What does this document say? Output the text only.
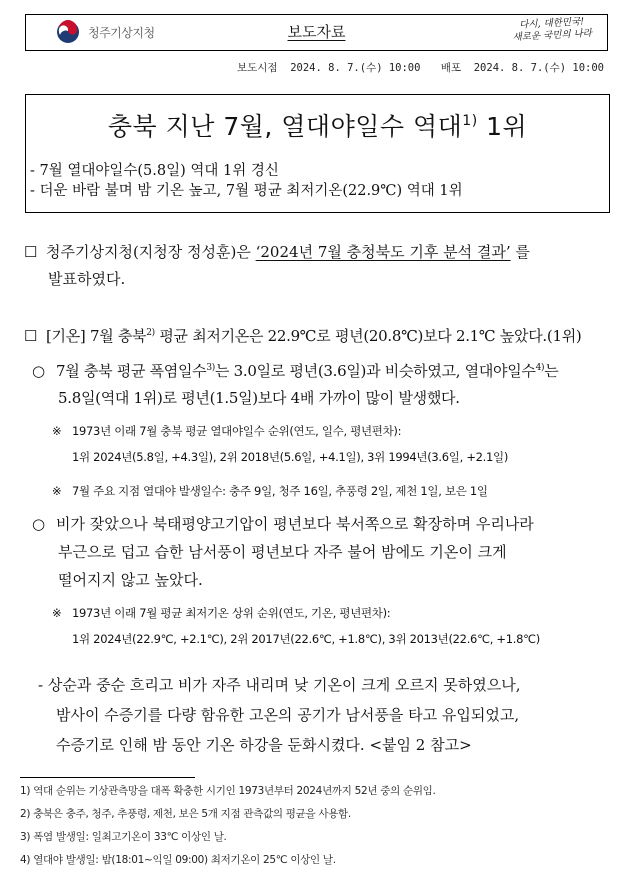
청주기상지청	보도자료	다시, 대한민국!
새로운 국민의 나라
보도시점 2024. 8. 7.(수) 10:00 배포 2024. 8. 7.(수) 10:00
충북 지난 7월, 열대야일수 역대$^{1)}$ 1위
- 7월 열대야일수(5.8일) 역대 1위 경신
- 더운 바람 불며 밤 기온 높고, 7월 평균 최저기온(22.9℃) 역대 1위
☐ 청주기상지청(지청장 정성훈)은 ‘2024년 7월 충청북도 기후 분석 결과’ 를
발표하였다.
☐ [기온] 7월 충북$^{2)}$ 평균 최저기온은 22.9℃로 평년(20.8℃)보다 2.1℃ 높았다.(1위)
○ 7월 충북 평균 폭염일수$^{3)}$는 3.0일로 평년(3.6일)과 비슷하였고, 열대야일수$^{4)}$는
5.8일(역대 1위)로 평년(1.5일)보다 4배 가까이 많이 발생했다.
※ 1973년 이래 7월 충북 평균 열대야일수 순위(연도, 일수, 평년편차):
1위 2024년(5.8일, +4.3일), 2위 2018년(5.6일, +4.1일), 3위 1994년(3.6일, +2.1일)
※ 7월 주요 지점 열대야 발생일수: 충주 9일, 청주 16일, 추풍령 2일, 제천 1일, 보은 1일
○ 비가 잦았으나 북태평양고기압이 평년보다 북서쪽으로 확장하며 우리나라
부근으로 덥고 습한 남서풍이 평년보다 자주 불어 밤에도 기온이 크게
떨어지지 않고 높았다.
※ 1973년 이래 7월 평균 최저기온 상위 순위(연도, 기온, 평년편차):
1위 2024년(22.9℃, +2.1℃), 2위 2017년(22.6℃, +1.8℃), 3위 2013년(22.6℃, +1.8℃)
- 상순과 중순 흐리고 비가 자주 내리며 낮 기온이 크게 오르지 못하였으나,
밤사이 수증기를 다량 함유한 고온의 공기가 남서풍을 타고 유입되었고,
수증기로 인해 밤 동안 기온 하강을 둔화시켰다. <붙임 2 참고>
1) 역대 순위는 기상관측망을 대폭 확충한 시기인 1973년부터 2024년까지 52년 중의 순위임.
2) 충북은 충주, 청주, 추풍령, 제천, 보은 5개 지점 관측값의 평균을 사용함.
3) 폭염 발생일: 일최고기온이 33℃ 이상인 날.
4) 열대야 발생일: 밤(18:01~익일 09:00) 최저기온이 25℃ 이상인 날.
